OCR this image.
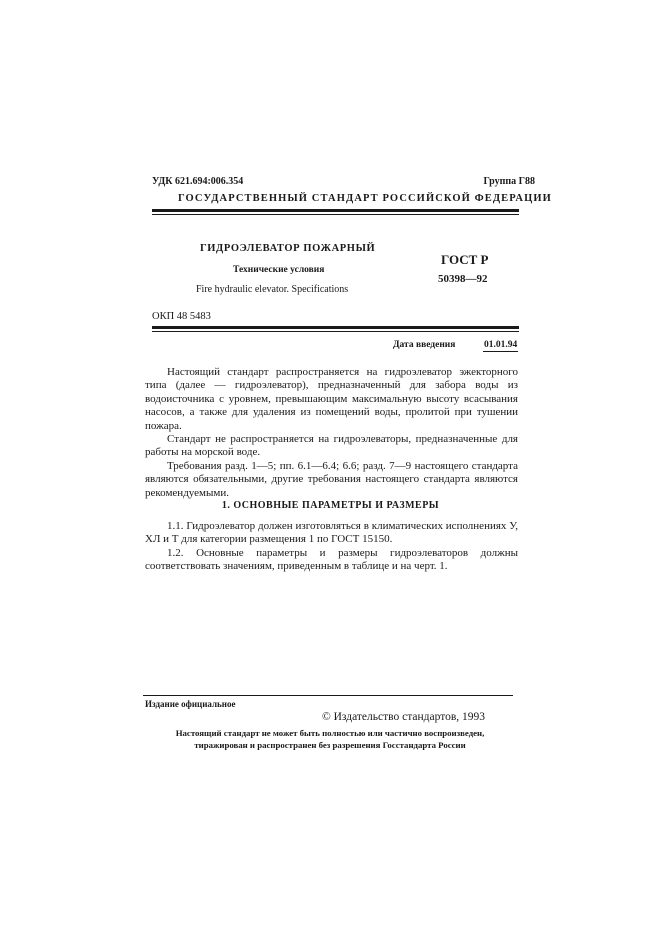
УДК 621.694:006.354	Группа Г88
ГОСУДАРСТВЕННЫЙ СТАНДАРТ РОССИЙСКОЙ ФЕДЕРАЦИИ
ГИДРОЭЛЕВАТОР ПОЖАРНЫЙ
Технические условия
Fire hydraulic elevator. Specifications
ГОСТ Р
50398—92
ОКП 48 5483
Дата введения	01.01.94

Настоящий стандарт распространяется на гидроэлеватор эжекторного типа (далее — гидроэлеватор), предназначенный для забора воды из водоисточника с уровнем, превышающим максимальную высоту всасывания насосов, а также для удаления из помещений воды, пролитой при тушении пожара.

Стандарт не распространяется на гидроэлеваторы, предназначенные для работы на морской воде.

Требования разд. 1—5; пп. 6.1—6.4; 6.6; разд. 7—9 настоящего стандарта являются обязательными, другие требования настоящего стандарта являются рекомендуемыми.

1. ОСНОВНЫЕ ПАРАМЕТРЫ И РАЗМЕРЫ

1.1. Гидроэлеватор должен изготовляться в климатических исполнениях У, ХЛ и Т для категории размещения 1 по ГОСТ 15150.

1.2. Основные параметры и размеры гидроэлеваторов должны соответствовать значениям, приведенным в таблице и на черт. 1.

Издание официальное
© Издательство стандартов, 1993
Настоящий стандарт не может быть полностью или частично воспроизведен,
тиражирован и распространен без разрешения Госстандарта России
